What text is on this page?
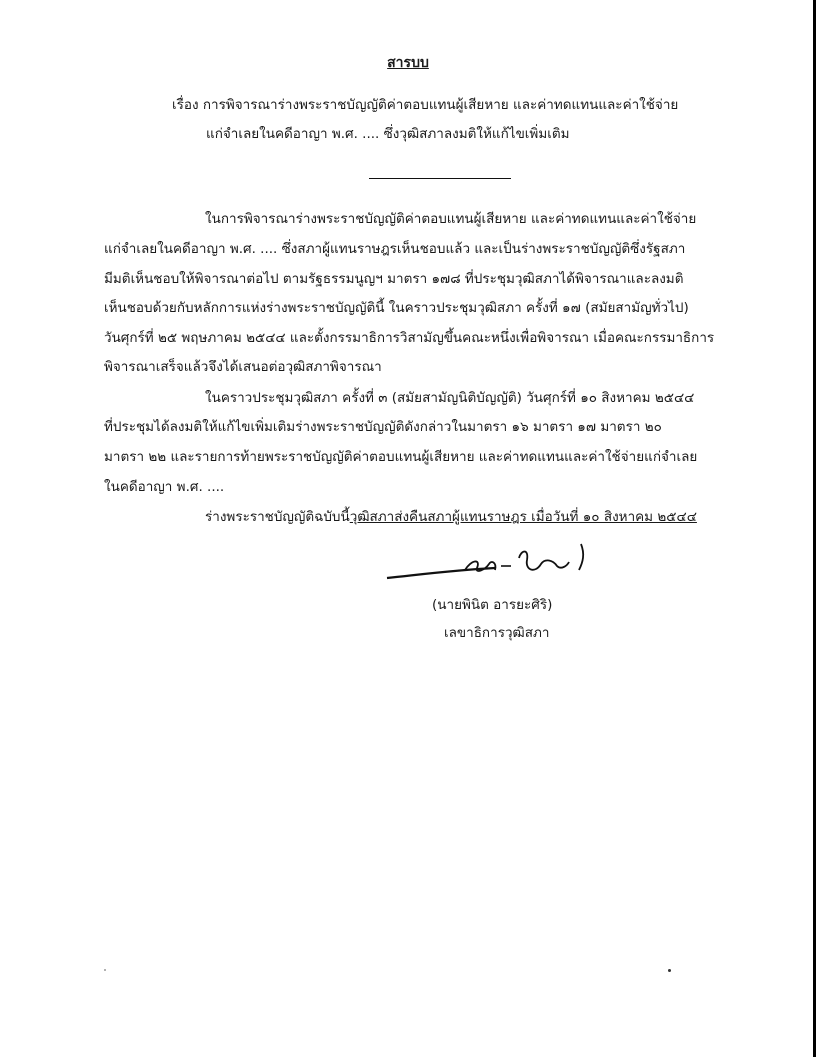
สารบบ
เรื่อง การพิจารณาร่างพระราชบัญญัติค่าตอบแทนผู้เสียหาย และค่าทดแทนและค่าใช้จ่าย
แก่จำเลยในคดีอาญา พ.ศ. .... ซึ่งวุฒิสภาลงมติให้แก้ไขเพิ่มเติม
ในการพิจารณาร่างพระราชบัญญัติค่าตอบแทนผู้เสียหาย และค่าทดแทนและค่าใช้จ่าย
แก่จำเลยในคดีอาญา พ.ศ. .... ซึ่งสภาผู้แทนราษฎรเห็นชอบแล้ว และเป็นร่างพระราชบัญญัติซึ่งรัฐสภา
มีมติเห็นชอบให้พิจารณาต่อไป ตามรัฐธรรมนูญฯ มาตรา ๑๗๘ ที่ประชุมวุฒิสภาได้พิจารณาและลงมติ
เห็นชอบด้วยกับหลักการแห่งร่างพระราชบัญญัตินี้ ในคราวประชุมวุฒิสภา ครั้งที่ ๑๗ (สมัยสามัญทั่วไป)
วันศุกร์ที่ ๒๕ พฤษภาคม ๒๕๔๔ และตั้งกรรมาธิการวิสามัญขึ้นคณะหนึ่งเพื่อพิจารณา เมื่อคณะกรรมาธิการ
พิจารณาเสร็จแล้วจึงได้เสนอต่อวุฒิสภาพิจารณา
ในคราวประชุมวุฒิสภา ครั้งที่ ๓ (สมัยสามัญนิติบัญญัติ) วันศุกร์ที่ ๑๐ สิงหาคม ๒๕๔๔
ที่ประชุมได้ลงมติให้แก้ไขเพิ่มเติมร่างพระราชบัญญัติดังกล่าวในมาตรา ๑๖ มาตรา ๑๗ มาตรา ๒๐
มาตรา ๒๒ และรายการท้ายพระราชบัญญัติค่าตอบแทนผู้เสียหาย และค่าทดแทนและค่าใช้จ่ายแก่จำเลย
ในคดีอาญา พ.ศ. ....
ร่างพระราชบัญญัติฉบับนี้วุฒิสภาส่งคืนสภาผู้แทนราษฎร เมื่อวันที่ ๑๐ สิงหาคม ๒๕๔๔
(นายพินิต อารยะศิริ)
เลขาธิการวุฒิสภา
